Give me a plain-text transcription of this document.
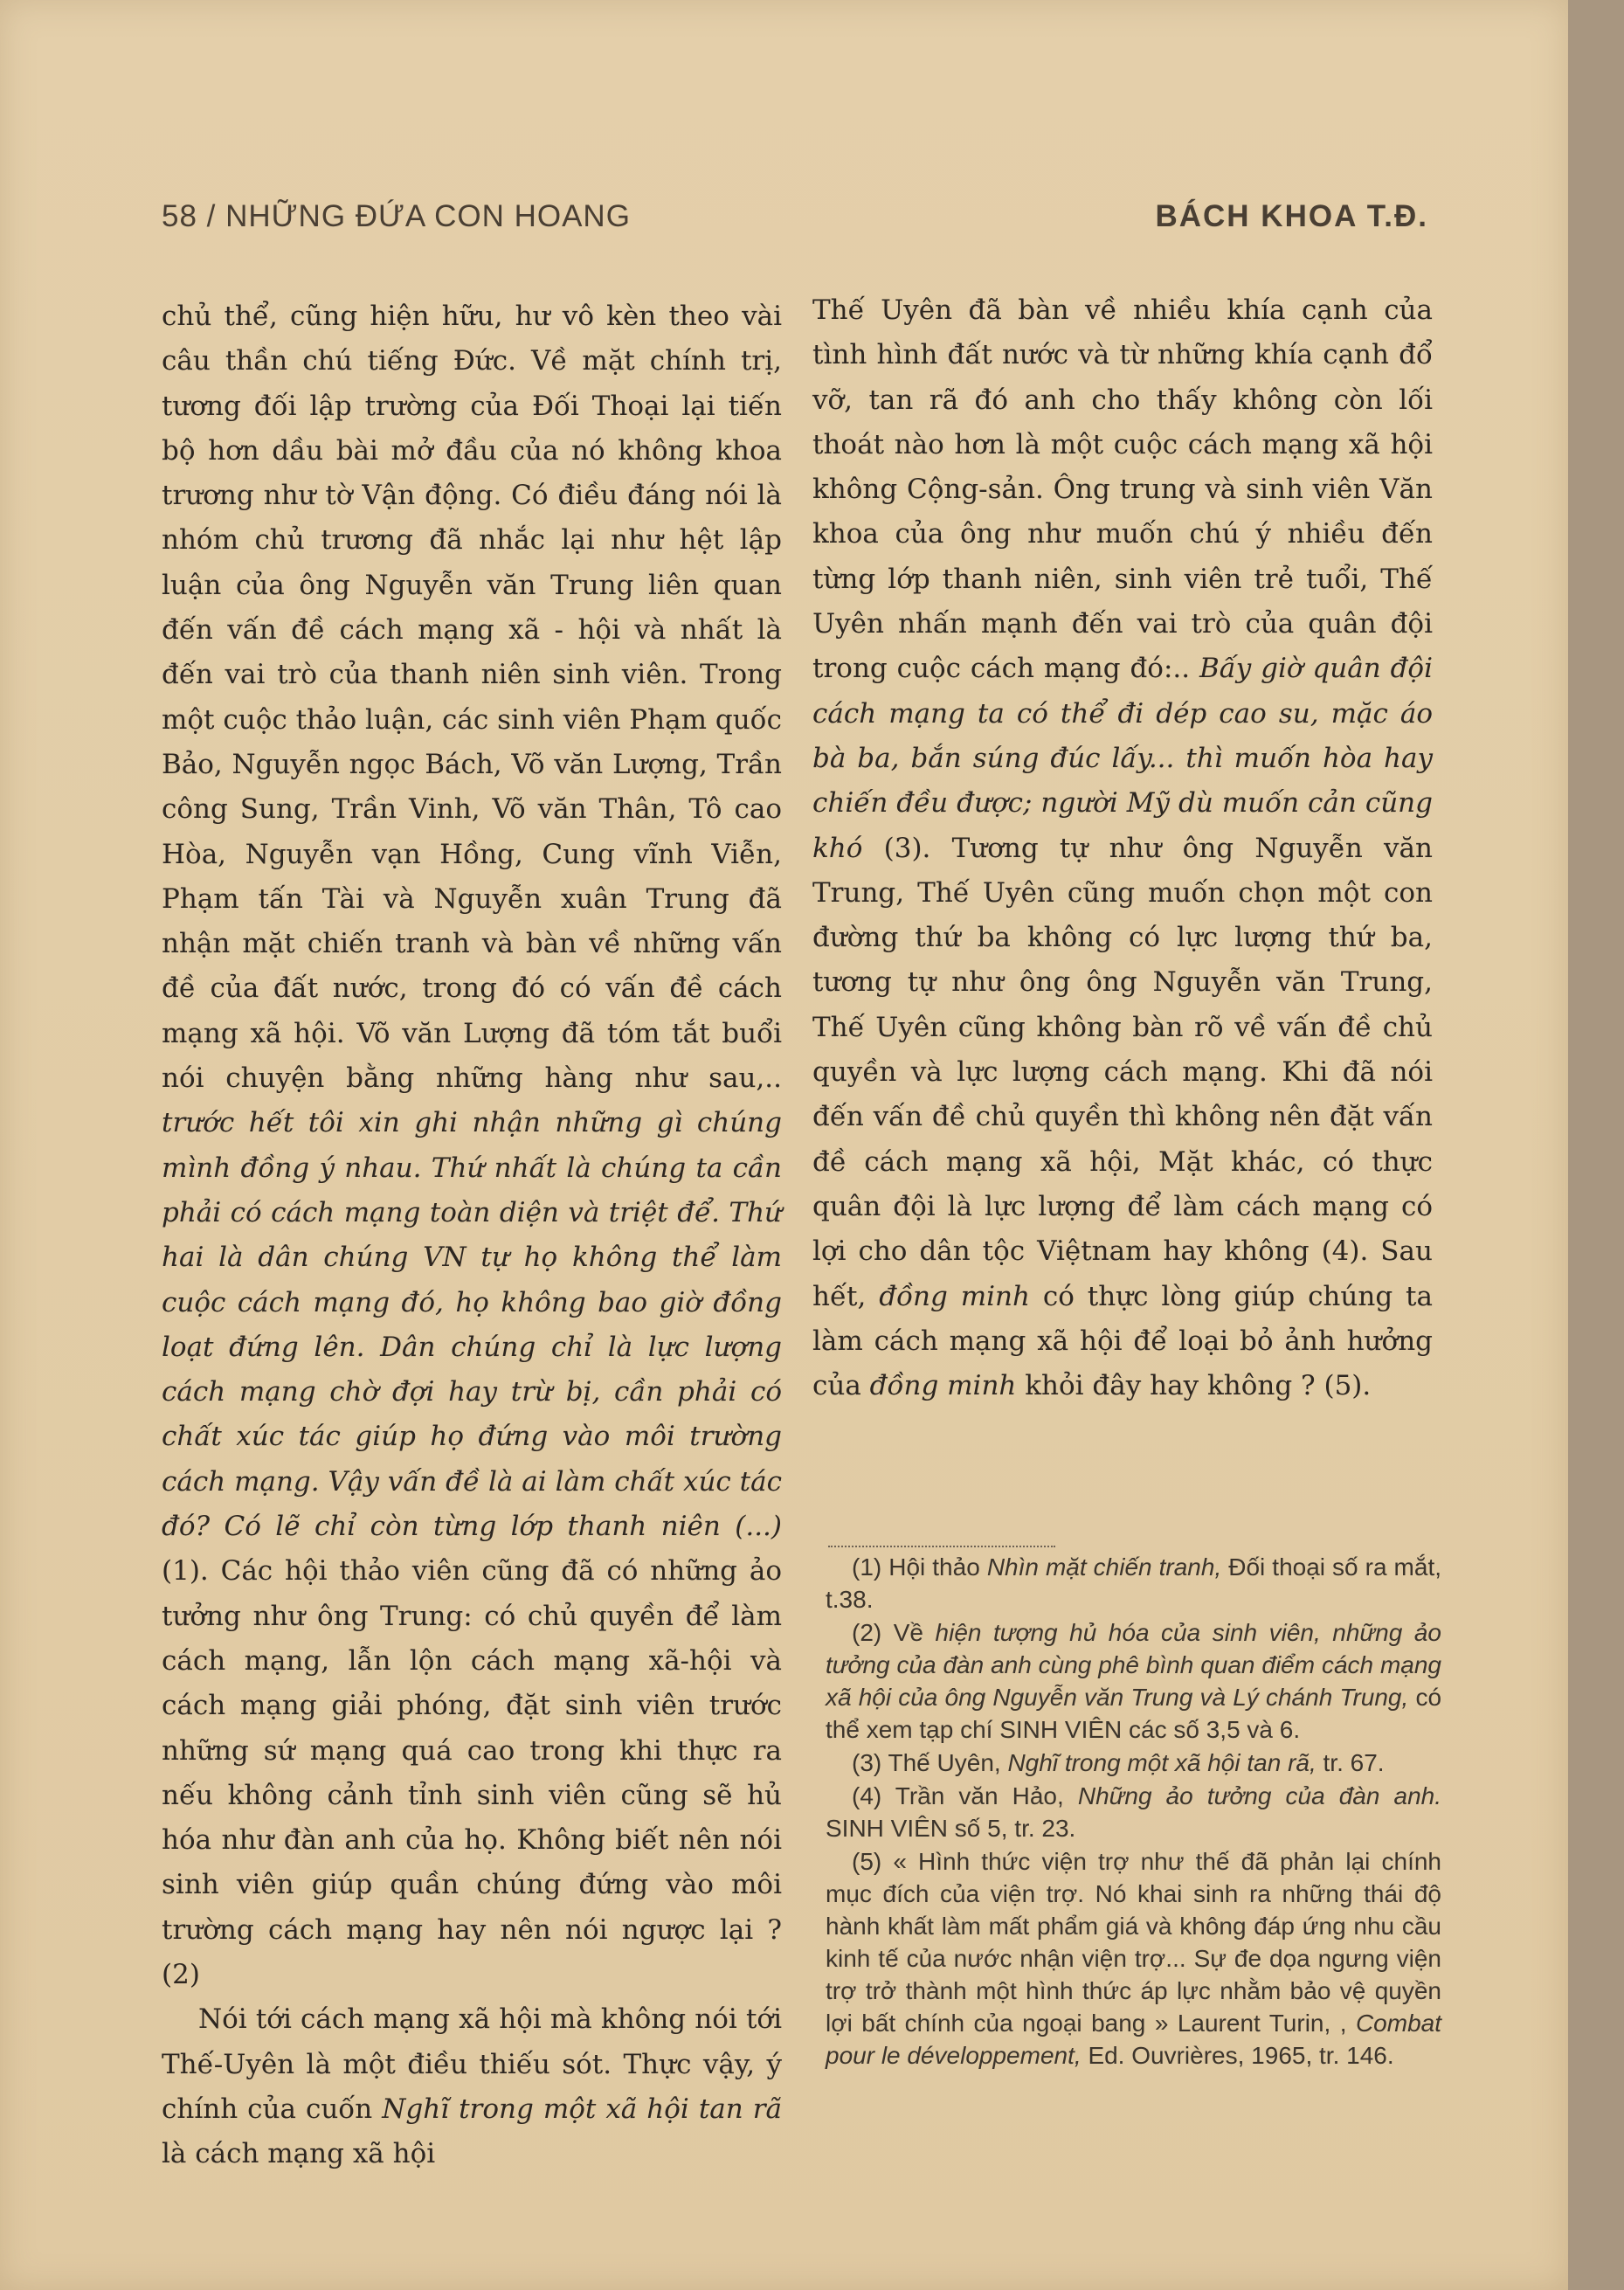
58 / NHỮNG ĐỨA CON HOANG	BÁCH KHOA T.Đ.

chủ thể, cũng hiện hữu, hư vô kèn theo vài câu thần chú tiếng Đức. Về mặt chính trị, tương đối lập trường của Đối Thoại lại tiến bộ hơn dầu bài mở đầu của nó không khoa trương như tờ Vận động. Có điều đáng nói là nhóm chủ trương đã nhắc lại như hệt lập luận của ông Nguyễn văn Trung liên quan đến vấn đề cách mạng xã - hội và nhất là đến vai trò của thanh niên sinh viên. Trong một cuộc thảo luận, các sinh viên Phạm quốc Bảo, Nguyễn ngọc Bách, Võ văn Lượng, Trần công Sung, Trần Vinh, Võ văn Thân, Tô cao Hòa, Nguyễn vạn Hồng, Cung vĩnh Viễn, Phạm tấn Tài và Nguyễn xuân Trung đã nhận mặt chiến tranh và bàn về những vấn đề của đất nước, trong đó có vấn đề cách mạng xã hội. Võ văn Lượng đã tóm tắt buổi nói chuyện bằng những hàng như sau,.. trước hết tôi xin ghi nhận những gì chúng mình đồng ý nhau. Thứ nhất là chúng ta cần phải có cách mạng toàn diện và triệt để. Thứ hai là dân chúng VN tự họ không thể làm cuộc cách mạng đó, họ không bao giờ đồng loạt đứng lên. Dân chúng chỉ là lực lượng cách mạng chờ đợi hay trừ bị, cần phải có chất xúc tác giúp họ đứng vào môi trường cách mạng. Vậy vấn đề là ai làm chất xúc tác đó? Có lẽ chỉ còn từng lớp thanh niên (...) (1). Các hội thảo viên cũng đã có những ảo tưởng như ông Trung: có chủ quyền để làm cách mạng, lẫn lộn cách mạng xã-hội và cách mạng giải phóng, đặt sinh viên trước những sứ mạng quá cao trong khi thực ra nếu không cảnh tỉnh sinh viên cũng sẽ hủ hóa như đàn anh của họ. Không biết nên nói sinh viên giúp quần chúng đứng vào môi trường cách mạng hay nên nói ngược lại ? (2)

Nói tới cách mạng xã hội mà không nói tới Thế-Uyên là một điều thiếu sót. Thực vậy, ý chính của cuốn Nghĩ trong một xã hội tan rã là cách mạng xã hội

Thế Uyên đã bàn về nhiều khía cạnh của tình hình đất nước và từ những khía cạnh đổ vỡ, tan rã đó anh cho thấy không còn lối thoát nào hơn là một cuộc cách mạng xã hội không Cộng-sản. Ông trung và sinh viên Văn khoa của ông như muốn chú ý nhiều đến từng lớp thanh niên, sinh viên trẻ tuổi, Thế Uyên nhấn mạnh đến vai trò của quân đội trong cuộc cách mạng đó:.. Bấy giờ quân đội cách mạng ta có thể đi dép cao su, mặc áo bà ba, bắn súng đúc lấy... thì muốn hòa hay chiến đều được; người Mỹ dù muốn cản cũng khó (3). Tương tự như ông Nguyễn văn Trung, Thế Uyên cũng muốn chọn một con đường thứ ba không có lực lượng thứ ba, tương tự như ông ông Nguyễn văn Trung, Thế Uyên cũng không bàn rõ về vấn đề chủ quyền và lực lượng cách mạng. Khi đã nói đến vấn đề chủ quyền thì không nên đặt vấn đề cách mạng xã hội, Mặt khác, có thực quân đội là lực lượng để làm cách mạng có lợi cho dân tộc Việtnam hay không (4). Sau hết, đồng minh có thực lòng giúp chúng ta làm cách mạng xã hội để loại bỏ ảnh hưởng của đồng minh khỏi đây hay không ? (5).

(1) Hội thảo Nhìn mặt chiến tranh, Đối thoại số ra mắt, t.38.

(2) Về hiện tượng hủ hóa của sinh viên, những ảo tưởng của đàn anh cùng phê bình quan điểm cách mạng xã hội của ông Nguyễn văn Trung và Lý chánh Trung, có thể xem tạp chí SINH VIÊN các số 3,5 và 6.

(3) Thế Uyên, Nghĩ trong một xã hội tan rã, tr. 67.

(4) Trần văn Hảo, Những ảo tưởng của đàn anh. SINH VIÊN số 5, tr. 23.

(5) « Hình thức viện trợ như thế đã phản lại chính mục đích của viện trợ. Nó khai sinh ra những thái độ hành khất làm mất phẩm giá và không đáp ứng nhu cầu kinh tế của nước nhận viện trợ... Sự đe dọa ngưng viện trợ trở thành một hình thức áp lực nhằm bảo vệ quyền lợi bất chính của ngoại bang » Laurent Turin, , Combat pour le développement, Ed. Ouvrières, 1965, tr. 146.
